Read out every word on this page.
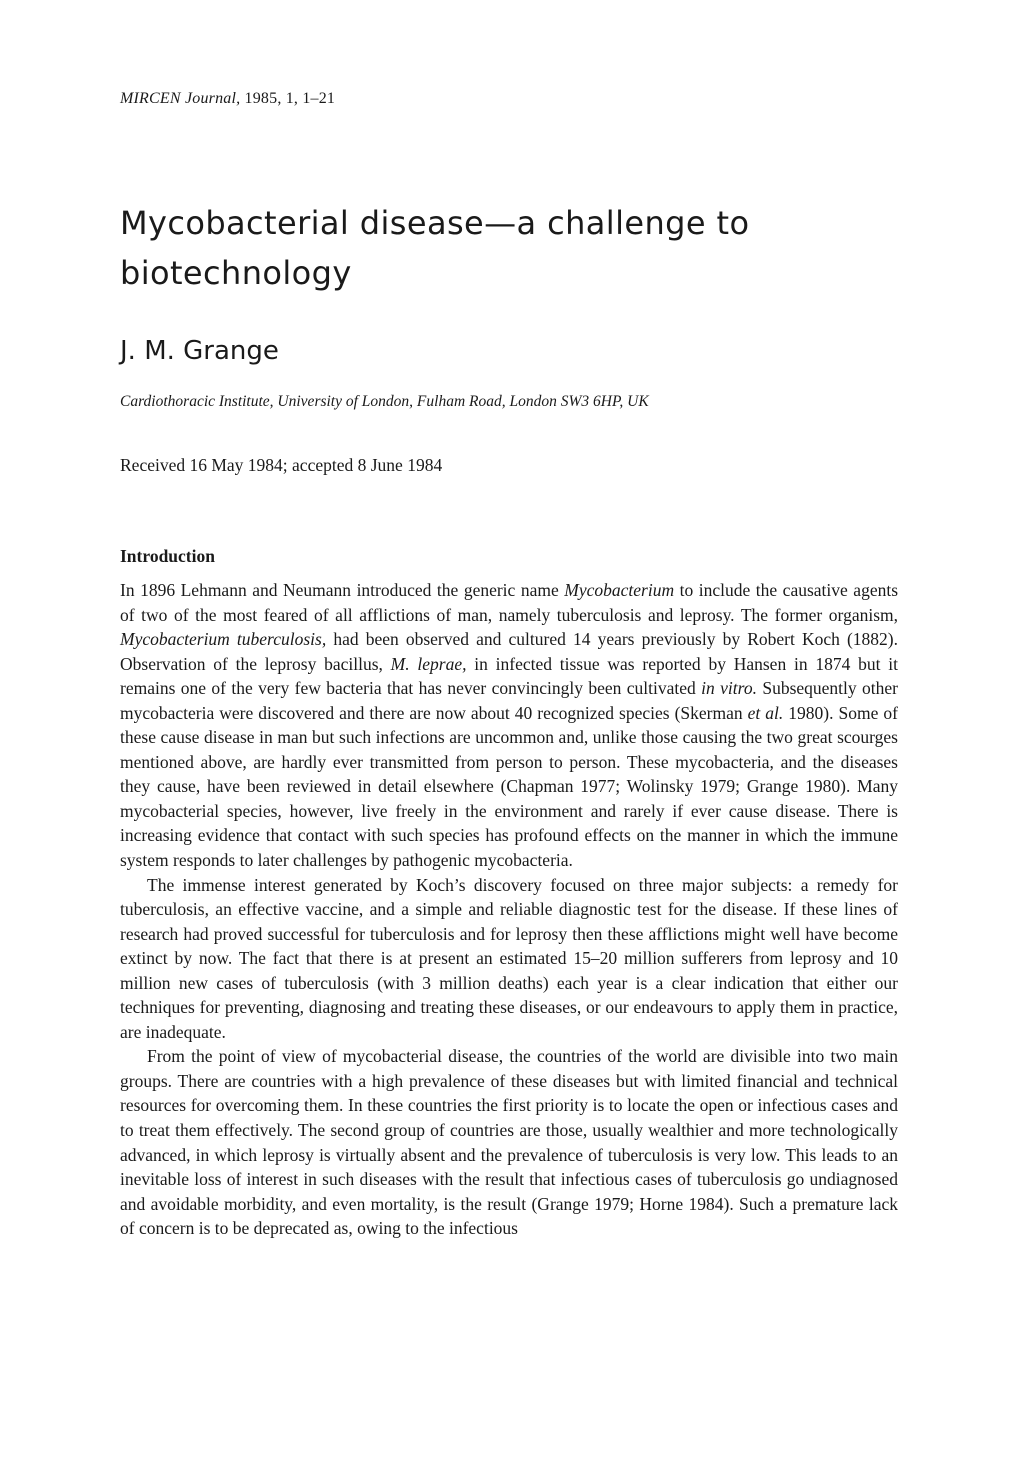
MIRCEN Journal, 1985, 1, 1–21
Mycobacterial disease—a challenge to biotechnology
J. M. Grange
Cardiothoracic Institute, University of London, Fulham Road, London SW3 6HP, UK
Received 16 May 1984; accepted 8 June 1984
Introduction

In 1896 Lehmann and Neumann introduced the generic name Mycobacterium to include the causative agents of two of the most feared of all afflictions of man, namely tuberculosis and leprosy. The former organism, Mycobacterium tuberculosis, had been observed and cultured 14 years previously by Robert Koch (1882). Observation of the leprosy bacillus, M. leprae, in infected tissue was reported by Hansen in 1874 but it remains one of the very few bacteria that has never convincingly been cultivated in vitro. Subsequently other mycobacteria were discovered and there are now about 40 recognized species (Skerman et al. 1980). Some of these cause disease in man but such infections are uncommon and, unlike those causing the two great scourges mentioned above, are hardly ever transmitted from person to person. These mycobacteria, and the diseases they cause, have been reviewed in detail elsewhere (Chapman 1977; Wolinsky 1979; Grange 1980). Many mycobacterial species, however, live freely in the environment and rarely if ever cause disease. There is increasing evidence that contact with such species has profound effects on the manner in which the immune system responds to later challenges by pathogenic mycobacteria.

The immense interest generated by Koch’s discovery focused on three major subjects: a remedy for tuberculosis, an effective vaccine, and a simple and reliable diagnostic test for the disease. If these lines of research had proved successful for tuberculosis and for leprosy then these afflictions might well have become extinct by now. The fact that there is at present an estimated 15–20 million sufferers from leprosy and 10 million new cases of tuberculosis (with 3 million deaths) each year is a clear indication that either our techniques for preventing, diagnosing and treating these diseases, or our endeavours to apply them in practice, are inadequate.

From the point of view of mycobacterial disease, the countries of the world are divisible into two main groups. There are countries with a high prevalence of these diseases but with limited financial and technical resources for overcoming them. In these countries the first priority is to locate the open or infectious cases and to treat them effectively. The second group of countries are those, usually wealthier and more technologically advanced, in which leprosy is virtually absent and the prevalence of tuberculosis is very low. This leads to an inevitable loss of interest in such diseases with the result that infectious cases of tuberculosis go undiagnosed and avoidable morbidity, and even mortality, is the result (Grange 1979; Horne 1984). Such a premature lack of concern is to be deprecated as, owing to the infectious
